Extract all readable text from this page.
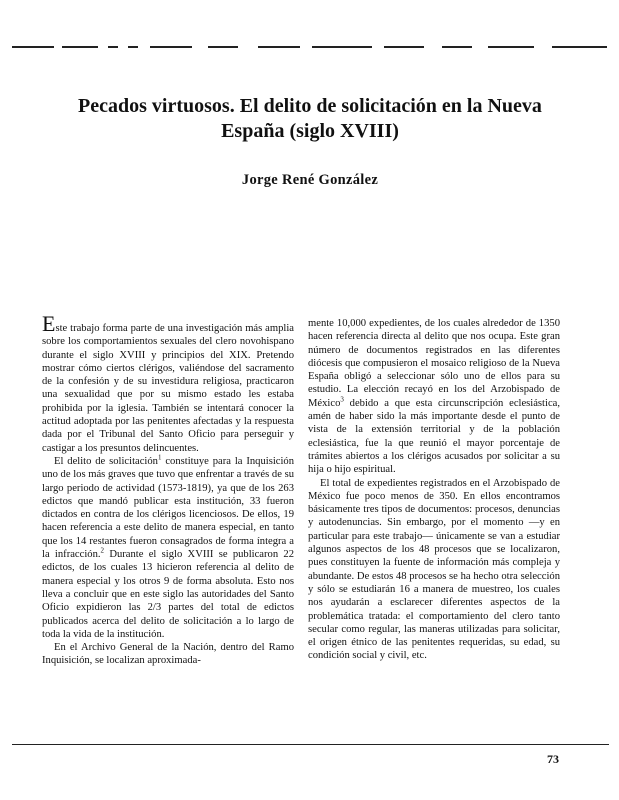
Pecados virtuosos. El delito de solicitación en la Nueva España (siglo XVIII)
Jorge René González

Este trabajo forma parte de una investigación más amplia sobre los comportamientos sexuales del clero novohispano durante el siglo XVIII y principios del XIX. Pretendo mostrar cómo ciertos clérigos, valiéndose del sacramento de la confesión y de su investidura religiosa, practicaron una sexualidad que por su mismo estado les estaba prohibida por la iglesia. También se intentará conocer la actitud adoptada por las penitentes afectadas y la respuesta dada por el Tribunal del Santo Oficio para perseguir y castigar a los presuntos delincuentes.

El delito de solicitación$^1$ constituye para la Inquisición uno de los más graves que tuvo que enfrentar a través de su largo periodo de actividad (1573-1819), ya que de los 263 edictos que mandó publicar esta institución, 33 fueron dictados en contra de los clérigos licenciosos. De ellos, 19 hacen referencia a este delito de manera especial, en tanto que los 14 restantes fueron consagrados de forma íntegra a la infracción.$^2$ Durante el siglo XVIII se publicaron 22 edictos, de los cuales 13 hicieron referencia al delito de manera especial y los otros 9 de forma absoluta. Esto nos lleva a concluir que en este siglo las autoridades del Santo Oficio expidieron las 2/3 partes del total de edictos publicados acerca del delito de solicitación a lo largo de toda la vida de la institución.

En el Archivo General de la Nación, dentro del Ramo Inquisición, se localizan aproximada-

mente 10,000 expedientes, de los cuales alrededor de 1350 hacen referencia directa al delito que nos ocupa. Este gran número de documentos registrados en las diferentes diócesis que compusieron el mosaico religioso de la Nueva España obligó a seleccionar sólo uno de ellos para su estudio. La elección recayó en los del Arzobispado de México$^3$ debido a que esta circunscripción eclesiástica, amén de haber sido la más importante desde el punto de vista de la extensión territorial y de la población eclesiástica, fue la que reunió el mayor porcentaje de trámites abiertos a los clérigos acusados por solicitar a su hija o hijo espiritual.

El total de expedientes registrados en el Arzobispado de México fue poco menos de 350. En ellos encontramos básicamente tres tipos de documentos: procesos, denuncias y autodenuncias. Sin embargo, por el momento —y en particular para este trabajo— únicamente se van a estudiar algunos aspectos de los 48 procesos que se localizaron, pues constituyen la fuente de información más compleja y abundante. De estos 48 procesos se ha hecho otra selección y sólo se estudiarán 16 a manera de muestreo, los cuales nos ayudarán a esclarecer diferentes aspectos de la problemática tratada: el comportamiento del clero tanto secular como regular, las maneras utilizadas para solicitar, el origen étnico de las penitentes requeridas, su edad, su condición social y civil, etc.

73
